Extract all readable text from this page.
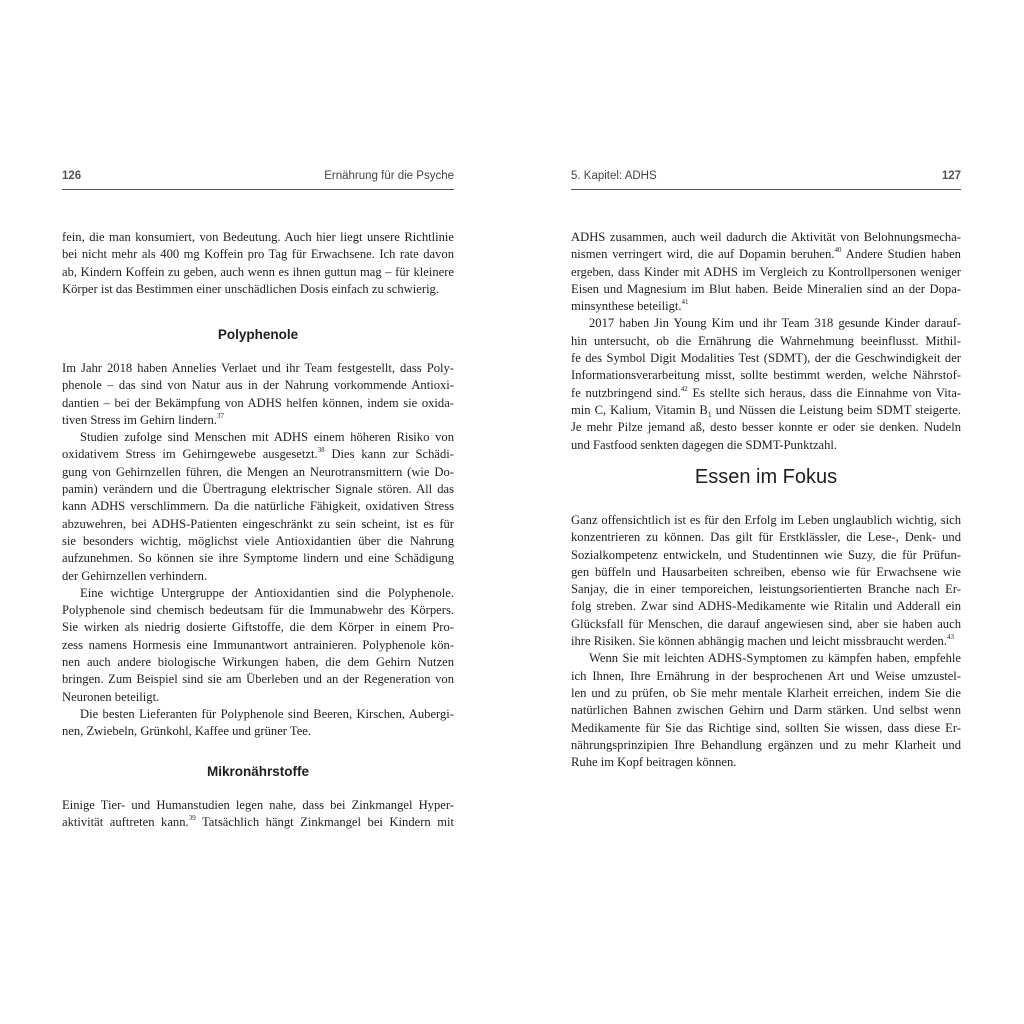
126	Ernährung für die Psyche
fein, die man konsumiert, von Bedeutung. Auch hier liegt unsere Richtlinie
bei nicht mehr als 400 mg Koffein pro Tag für Erwachsene. Ich rate davon
ab, Kindern Koffein zu geben, auch wenn es ihnen guttun mag – für kleinere
Körper ist das Bestimmen einer unschädlichen Dosis einfach zu schwierig.
Polyphenole
Im Jahr 2018 haben Annelies Verlaet und ihr Team festgestellt, dass Poly-
phenole – das sind von Natur aus in der Nahrung vorkommende Antioxi-
dantien – bei der Bekämpfung von ADHS helfen können, indem sie oxida-
tiven Stress im Gehirn lindern.$^{37}$
Studien zufolge sind Menschen mit ADHS einem höheren Risiko von
oxidativem Stress im Gehirngewebe ausgesetzt.$^{38}$ Dies kann zur Schädi-
gung von Gehirnzellen führen, die Mengen an Neurotransmittern (wie Do-
pamin) verändern und die Übertragung elektrischer Signale stören. All das
kann ADHS verschlimmern. Da die natürliche Fähigkeit, oxidativen Stress
abzuwehren, bei ADHS-Patienten eingeschränkt zu sein scheint, ist es für
sie besonders wichtig, möglichst viele Antioxidantien über die Nahrung
aufzunehmen. So können sie ihre Symptome lindern und eine Schädigung
der Gehirnzellen verhindern.
Eine wichtige Untergruppe der Antioxidantien sind die Polyphenole.
Polyphenole sind chemisch bedeutsam für die Immunabwehr des Körpers.
Sie wirken als niedrig dosierte Giftstoffe, die dem Körper in einem Pro-
zess namens Hormesis eine Immunantwort antrainieren. Polyphenole kön-
nen auch andere biologische Wirkungen haben, die dem Gehirn Nutzen
bringen. Zum Beispiel sind sie am Überleben und an der Regeneration von
Neuronen beteiligt.
Die besten Lieferanten für Polyphenole sind Beeren, Kirschen, Aubergi-
nen, Zwiebeln, Grünkohl, Kaffee und grüner Tee.
Mikronährstoffe
Einige Tier- und Humanstudien legen nahe, dass bei Zinkmangel Hyper-
aktivität auftreten kann.$^{39}$ Tatsächlich hängt Zinkmangel bei Kindern mit
5. Kapitel: ADHS	127
ADHS zusammen, auch weil dadurch die Aktivität von Belohnungsmecha-
nismen verringert wird, die auf Dopamin beruhen.$^{40}$ Andere Studien haben
ergeben, dass Kinder mit ADHS im Vergleich zu Kontrollpersonen weniger
Eisen und Magnesium im Blut haben. Beide Mineralien sind an der Dopa-
minsynthese beteiligt.$^{41}$
2017 haben Jin Young Kim und ihr Team 318 gesunde Kinder darauf-
hin untersucht, ob die Ernährung die Wahrnehmung beeinflusst. Mithil-
fe des Symbol Digit Modalities Test (SDMT), der die Geschwindigkeit der
Informationsverarbeitung misst, sollte bestimmt werden, welche Nährstof-
fe nutzbringend sind.$^{42}$ Es stellte sich heraus, dass die Einnahme von Vita-
min C, Kalium, Vitamin $B_1$ und Nüssen die Leistung beim SDMT steigerte.
Je mehr Pilze jemand aß, desto besser konnte er oder sie denken. Nudeln
und Fastfood senkten dagegen die SDMT-Punktzahl.
Essen im Fokus
Ganz offensichtlich ist es für den Erfolg im Leben unglaublich wichtig, sich
konzentrieren zu können. Das gilt für Erstklässler, die Lese-, Denk- und
Sozialkompetenz entwickeln, und Studentinnen wie Suzy, die für Prüfun-
gen büffeln und Hausarbeiten schreiben, ebenso wie für Erwachsene wie
Sanjay, die in einer temporeichen, leistungsorientierten Branche nach Er-
folg streben. Zwar sind ADHS-Medikamente wie Ritalin und Adderall ein
Glücksfall für Menschen, die darauf angewiesen sind, aber sie haben auch
ihre Risiken. Sie können abhängig machen und leicht missbraucht werden.$^{43}$
Wenn Sie mit leichten ADHS-Symptomen zu kämpfen haben, empfehle
ich Ihnen, Ihre Ernährung in der besprochenen Art und Weise umzustel-
len und zu prüfen, ob Sie mehr mentale Klarheit erreichen, indem Sie die
natürlichen Bahnen zwischen Gehirn und Darm stärken. Und selbst wenn
Medikamente für Sie das Richtige sind, sollten Sie wissen, dass diese Er-
nährungsprinzipien Ihre Behandlung ergänzen und zu mehr Klarheit und
Ruhe im Kopf beitragen können.
